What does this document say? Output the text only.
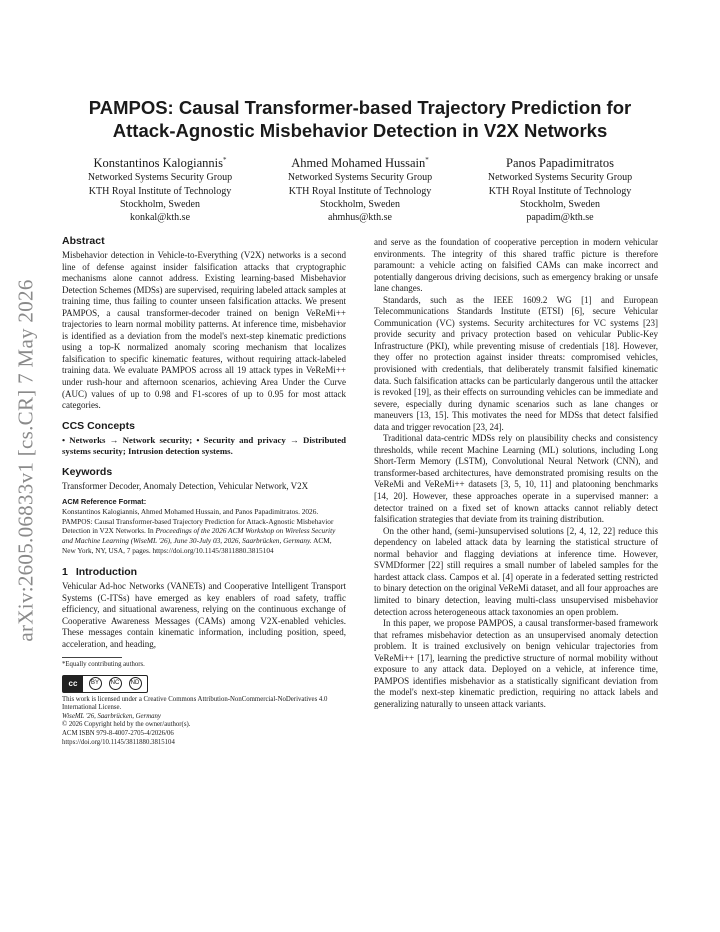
arXiv:2605.06833v1 [cs.CR] 7 May 2026
PAMPOS: Causal Transformer-based Trajectory Prediction for
Attack-Agnostic Misbehavior Detection in V2X Networks
Konstantinos Kalogiannis*
Networked Systems Security Group
KTH Royal Institute of Technology
Stockholm, Sweden
konkal@kth.se
Ahmed Mohamed Hussain*
Networked Systems Security Group
KTH Royal Institute of Technology
Stockholm, Sweden
ahmhus@kth.se
Panos Papadimitratos
Networked Systems Security Group
KTH Royal Institute of Technology
Stockholm, Sweden
papadim@kth.se
Abstract

Misbehavior detection in Vehicle-to-Everything (V2X) networks is a second line of defense against insider falsification attacks that cryptographic mechanisms alone cannot address. Existing learning-based Misbehavior Detection Schemes (MDSs) are supervised, requiring labeled attack samples at training time, thus failing to counter unseen falsification attacks. We present PAMPOS, a causal transformer-decoder trained on benign VeReMi++ trajectories to learn normal mobility patterns. At inference time, misbehavior is identified as a deviation from the model's next-step kinematic predictions using a top-K normalized anomaly scoring mechanism that localizes falsification to specific kinematic features, without requiring attack-labeled training data. We evaluate PAMPOS across all 19 attack types in VeReMi++ under rush-hour and afternoon scenarios, achieving Area Under the Curve (AUC) values of up to 0.98 and F1-scores of up to 0.95 for most attack categories.

CCS Concepts

• Networks → Network security; • Security and privacy → Distributed systems security; Intrusion detection systems.

Keywords

Transformer Decoder, Anomaly Detection, Vehicular Network, V2X

ACM Reference Format:
Konstantinos Kalogiannis, Ahmed Mohamed Hussain, and Panos Papadimitratos. 2026. PAMPOS: Causal Transformer-based Trajectory Prediction for Attack-Agnostic Misbehavior Detection in V2X Networks. In Proceedings of the 2026 ACM Workshop on Wireless Security and Machine Learning (WiseML '26), June 30-July 03, 2026, Saarbrücken, Germany. ACM, New York, NY, USA, 7 pages. https://doi.org/10.1145/3811880.3815104
1 Introduction

Vehicular Ad-hoc Networks (VANETs) and Cooperative Intelligent Transport Systems (C-ITSs) have emerged as key enablers of road safety, traffic efficiency, and situational awareness, relying on the continuous exchange of Cooperative Awareness Messages (CAMs) among V2X-enabled vehicles. These messages contain kinematic information, including position, speed, acceleration, and heading,

*Equally contributing authors.
cc	BY	NC	ND
This work is licensed under a Creative Commons Attribution-NonCommercial-NoDerivatives 4.0 International License.
WiseML '26, Saarbrücken, Germany
© 2026 Copyright held by the owner/author(s).
ACM ISBN 979-8-4007-2705-4/2026/06
https://doi.org/10.1145/3811880.3815104

and serve as the foundation of cooperative perception in modern vehicular environments. The integrity of this shared traffic picture is therefore paramount: a vehicle acting on falsified CAMs can make incorrect and potentially dangerous driving decisions, such as emergency braking or unsafe lane changes.

Standards, such as the IEEE 1609.2 WG [1] and European Telecommunications Standards Institute (ETSI) [6], secure Vehicular Communication (VC) systems. Security architectures for VC systems [23] provide security and privacy protection based on vehicular Public-Key Infrastructure (PKI), while preventing misuse of credentials [18]. However, they offer no protection against insider threats: compromised vehicles, provisioned with credentials, that deliberately transmit falsified kinematic data. Such falsification attacks can be particularly dangerous until the attacker is revoked [19], as their effects on surrounding vehicles can be immediate and severe, especially during dynamic scenarios such as lane changes or maneuvers [13, 15]. This motivates the need for MDSs that detect falsified data and trigger revocation [23, 24].

Traditional data-centric MDSs rely on plausibility checks and consistency thresholds, while recent Machine Learning (ML) solutions, including Long Short-Term Memory (LSTM), Convolutional Neural Network (CNN), and transformer-based architectures, have demonstrated promising results on the VeReMi and VeReMi++ datasets [3, 5, 10, 11] and platooning benchmarks [14, 20]. However, these approaches operate in a supervised manner: a detector trained on a fixed set of known attacks cannot reliably detect falsification strategies that deviate from its training distribution.

On the other hand, (semi-)unsupervised solutions [2, 4, 12, 22] reduce this dependency on labeled attack data by learning the statistical structure of normal behavior and flagging deviations at inference time. However, SVMDformer [22] still requires a small number of labeled samples for the hardest attack class. Campos et al. [4] operate in a federated setting restricted to binary detection on the original VeReMi dataset, and all four approaches are limited to binary detection, leaving multi-class unsupervised misbehavior detection across heterogeneous attack taxonomies an open problem.

In this paper, we propose PAMPOS, a causal transformer-based framework that reframes misbehavior detection as an unsupervised anomaly detection problem. It is trained exclusively on benign vehicular trajectories from VeReMi++ [17], learning the predictive structure of normal mobility without exposure to any attack data. Deployed on a vehicle, at inference time, PAMPOS identifies misbehavior as a statistically significant deviation from the model's next-step kinematic prediction, requiring no attack labels and generalizing naturally to unseen attack variants.
